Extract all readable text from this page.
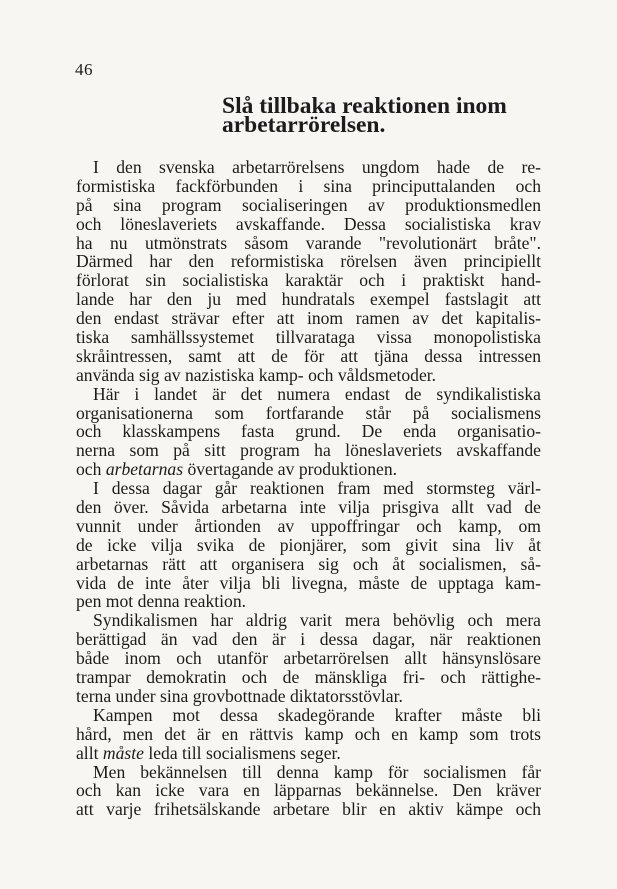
46
Slå tillbaka reaktionen inom
arbetarrörelsen.

I den svenska arbetarrörelsens ungdom hade de re-
formistiska fackförbunden i sina principuttalanden och
på sina program socialiseringen av produktionsmedlen
och löneslaveriets avskaffande. Dessa socialistiska krav
ha nu utmönstrats såsom varande "revolutionärt bråte".
Därmed har den reformistiska rörelsen även principiellt
förlorat sin socialistiska karaktär och i praktiskt hand-
lande har den ju med hundratals exempel fastslagit att
den endast strävar efter att inom ramen av det kapitalis-
tiska samhällssystemet tillvarataga vissa monopolistiska
skråintressen, samt att de för att tjäna dessa intressen
använda sig av nazistiska kamp- och våldsmetoder.

Här i landet är det numera endast de syndikalistiska
organisationerna som fortfarande står på socialismens
och klasskampens fasta grund. De enda organisatio-
nerna som på sitt program ha löneslaveriets avskaffande
och arbetarnas övertagande av produktionen.

I dessa dagar går reaktionen fram med stormsteg värl-
den över. Såvida arbetarna inte vilja prisgiva allt vad de
vunnit under årtionden av uppoffringar och kamp, om
de icke vilja svika de pionjärer, som givit sina liv åt
arbetarnas rätt att organisera sig och åt socialismen, så-
vida de inte åter vilja bli livegna, måste de upptaga kam-
pen mot denna reaktion.

Syndikalismen har aldrig varit mera behövlig och mera
berättigad än vad den är i dessa dagar, när reaktionen
både inom och utanför arbetarrörelsen allt hänsynslösare
trampar demokratin och de mänskliga fri- och rättighe-
terna under sina grovbottnade diktatorsstövlar.

Kampen mot dessa skadegörande krafter måste bli
hård, men det är en rättvis kamp och en kamp som trots
allt måste leda till socialismens seger.

Men bekännelsen till denna kamp för socialismen får
och kan icke vara en läpparnas bekännelse. Den kräver
att varje frihetsälskande arbetare blir en aktiv kämpe och
